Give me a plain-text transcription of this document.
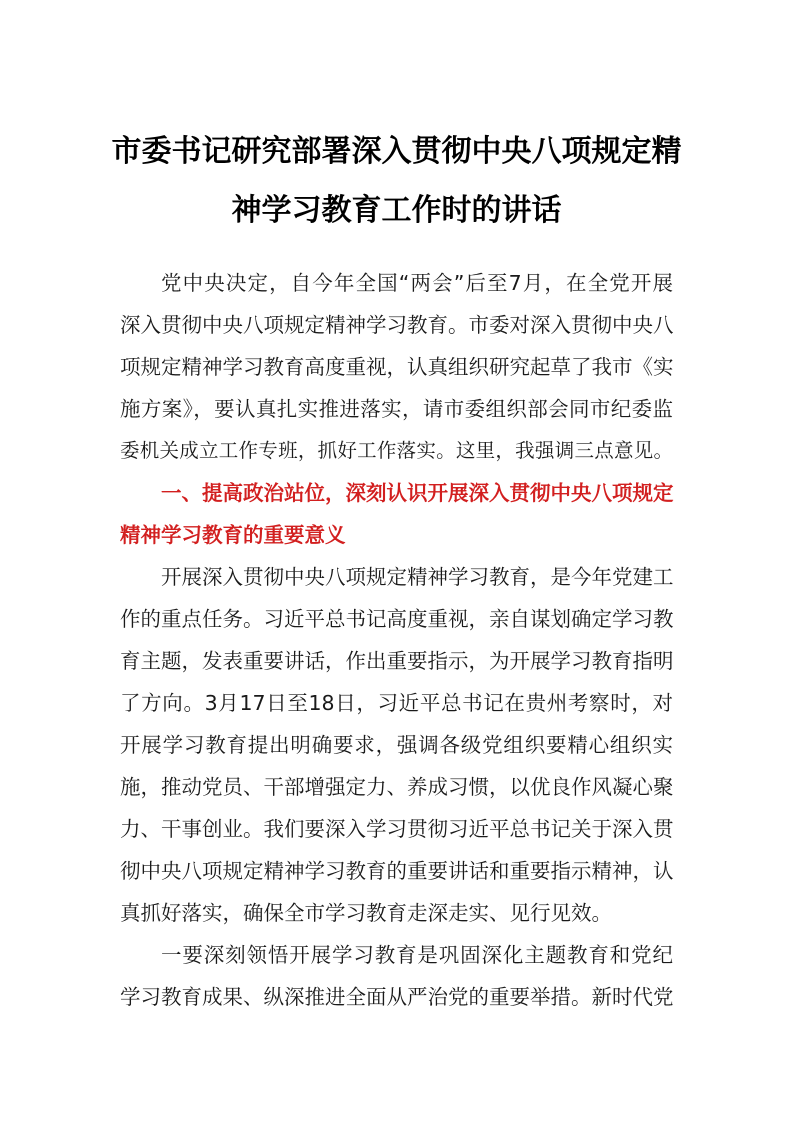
市委书记研究部署深入贯彻中央八项规定精
神学习教育工作时的讲话

党中央决定，自今年全国“两会”后至7月，在全党开展

深入贯彻中央八项规定精神学习教育。市委对深入贯彻中央八

项规定精神学习教育高度重视，认真组织研究起草了我市《实

施方案》，要认真扎实推进落实，请市委组织部会同市纪委监

委机关成立工作专班，抓好工作落实。这里，我强调三点意见。

一、提高政治站位，深刻认识开展深入贯彻中央八项规定

精神学习教育的重要意义

开展深入贯彻中央八项规定精神学习教育，是今年党建工

作的重点任务。习近平总书记高度重视，亲自谋划确定学习教

育主题，发表重要讲话，作出重要指示，为开展学习教育指明

了方向。3月17日至18日，习近平总书记在贵州考察时，对

开展学习教育提出明确要求，强调各级党组织要精心组织实

施，推动党员、干部增强定力、养成习惯，以优良作风凝心聚

力、干事创业。我们要深入学习贯彻习近平总书记关于深入贯

彻中央八项规定精神学习教育的重要讲话和重要指示精神，认

真抓好落实，确保全市学习教育走深走实、见行见效。

一要深刻领悟开展学习教育是巩固深化主题教育和党纪

学习教育成果、纵深推进全面从严治党的重要举措。新时代党
